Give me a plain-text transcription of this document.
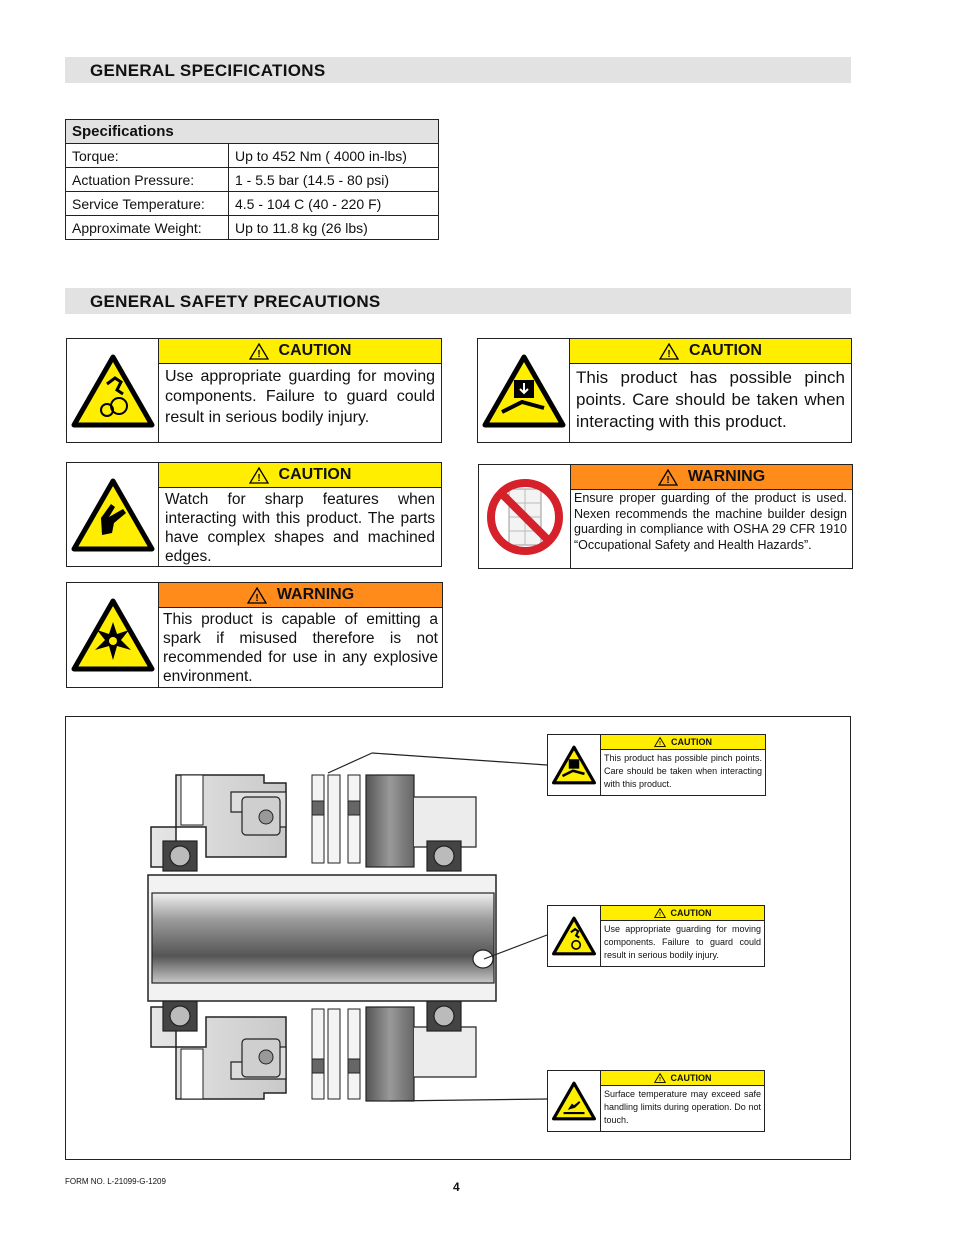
GENERAL SPECIFICATIONS
Specifications	
Torque:	Up to 452 Nm ( 4000 in-lbs)
Actuation Pressure:	1 - 5.5 bar (14.5 - 80 psi)
Service Temperature:	4.5 - 104 C (40 - 220 F)
Approximate Weight:	Up to 11.8 kg (26 lbs)
GENERAL SAFETY PRECAUTIONS
! CAUTION
Use appropriate guarding for moving components. Failure to guard could result in serious bodily injury.
! CAUTION
This product has possible pinch points. Care should be taken when interacting with this product.
! CAUTION
Watch for sharp features when interacting with this product. The parts have complex shapes and machined edges.
! WARNING
Ensure proper guarding of the product is used. Nexen recommends the machine builder design guarding in compliance with OSHA 29 CFR 1910 “Occupational Safety and Health Hazards”.
! WARNING
This product is capable of emitting a spark if misused therefore is not recommended for use in any explosive environment.
! CAUTION
This product has possible pinch points. Care should be taken when interacting with this product.
! CAUTION
Use appropriate guarding for moving components. Failure to guard could result in serious bodily injury.
! CAUTION
Surface temperature may exceed safe handling limits during operation. Do not touch.
FORM NO. L-21099-G-1209	4
